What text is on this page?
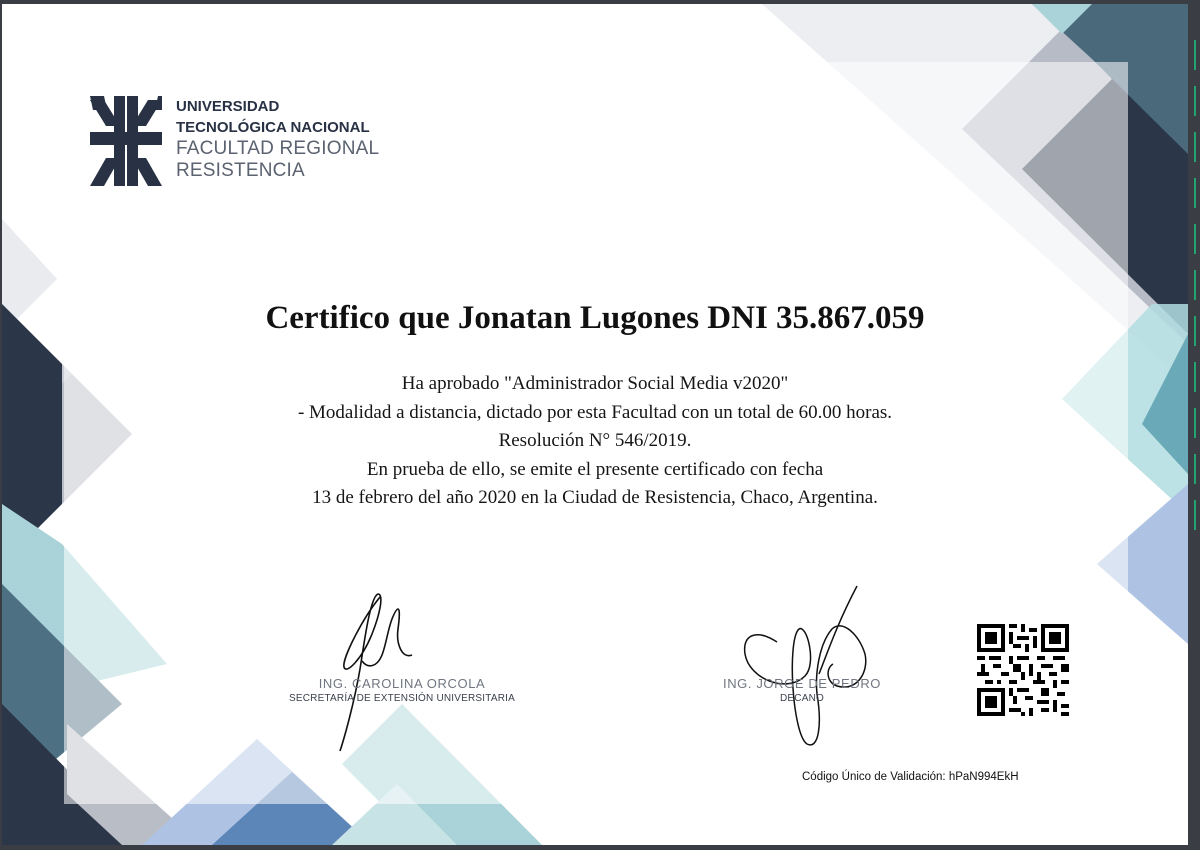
UNIVERSIDAD
TECNOLÓGICA NACIONAL
FACULTAD REGIONAL
RESISTENCIA
Certifico que Jonatan Lugones DNI 35.867.059
Ha aprobado "Administrador Social Media v2020"
- Modalidad a distancia, dictado por esta Facultad con un total de 60.00 horas.
Resolución N° 546/2019.
En prueba de ello, se emite el presente certificado con fecha
13 de febrero del año 2020 en la Ciudad de Resistencia, Chaco, Argentina.
ING. CAROLINA ORCOLA
SECRETARÍA DE EXTENSIÓN UNIVERSITARIA
ING. JORGE DE PEDRO
DECANO
Código Único de Validación: hPaN994EkH
